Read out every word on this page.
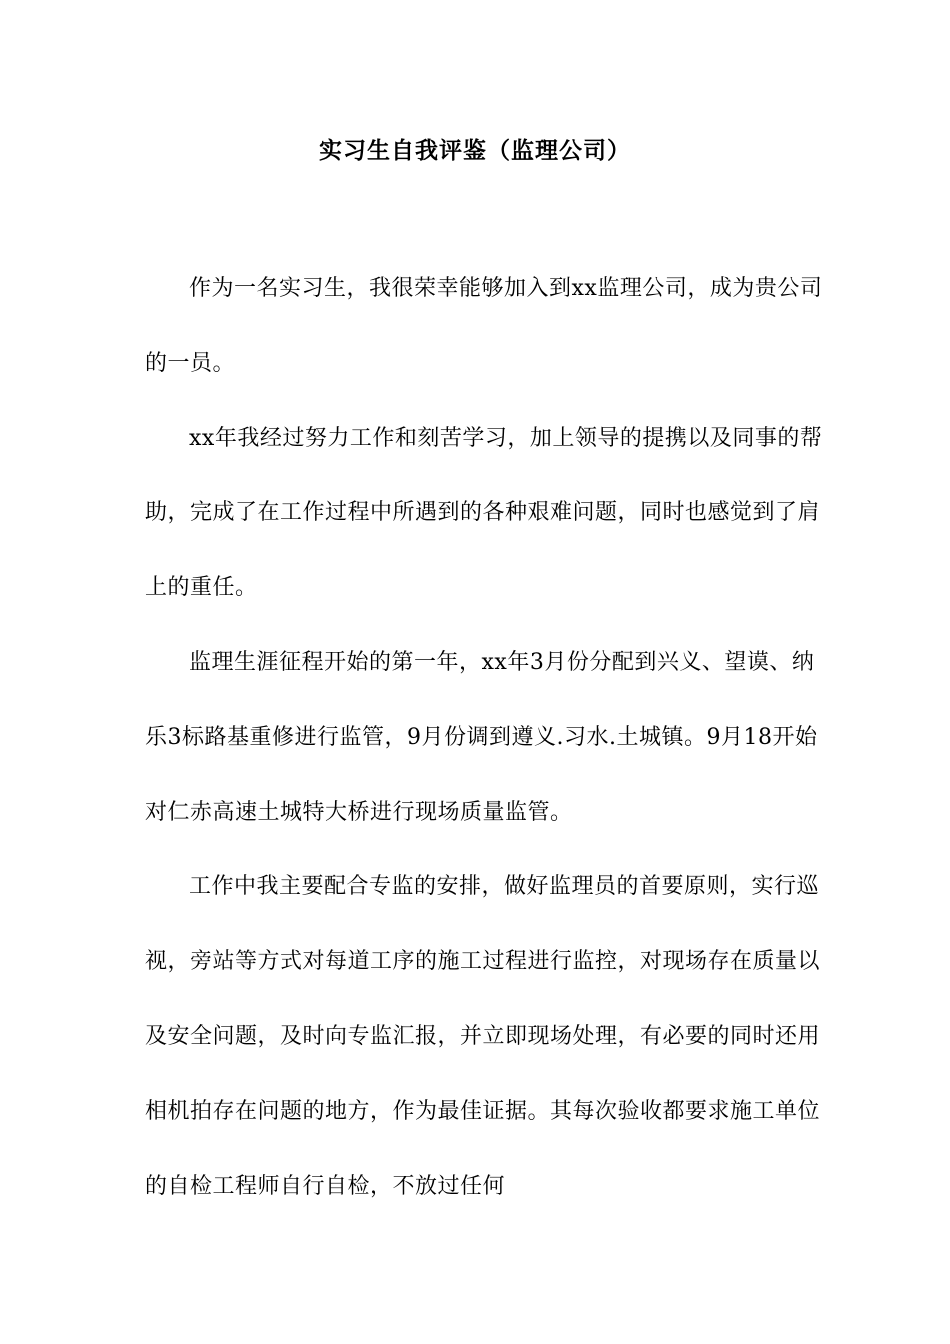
实习生自我评鉴（监理公司）

作为一名实习生，我很荣幸能够加入到xx监理公司，成为贵公司的一员。

xx年我经过努力工作和刻苦学习，加上领导的提携以及同事的帮助，完成了在工作过程中所遇到的各种艰难问题，同时也感觉到了肩上的重任。

监理生涯征程开始的第一年，xx年3月份分配到兴义、望谟、纳乐3标路基重修进行监管，9月份调到遵义.习水.土城镇。9月18开始对仁赤高速土城特大桥进行现场质量监管。

工作中我主要配合专监的安排，做好监理员的首要原则，实行巡视，旁站等方式对每道工序的施工过程进行监控，对现场存在质量以及安全问题，及时向专监汇报，并立即现场处理，有必要的同时还用相机拍存在问题的地方，作为最佳证据。其每次验收都要求施工单位的自检工程师自行自检，不放过任何
